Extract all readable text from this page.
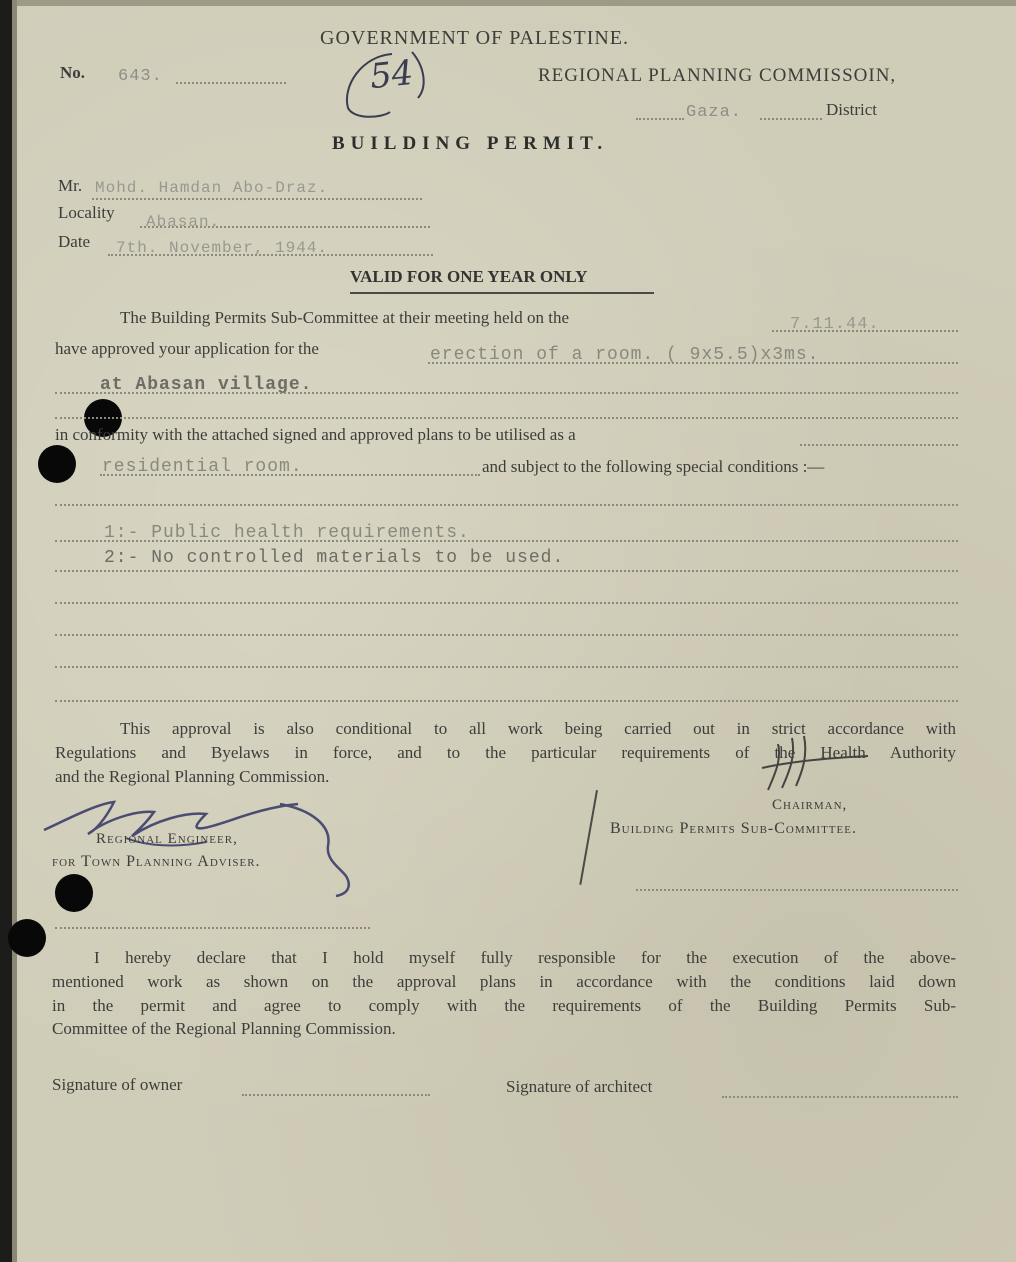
GOVERNMENT OF PALESTINE.
No. 643.	54	REGIONAL PLANNING COMMISSOIN,
Gaza.	District
BUILDING PERMIT.
Mr. Mohd. Hamdan Abo-Draz.
Locality Abasan.
Date 7th. November, 1944.
VALID FOR ONE YEAR ONLY
The Building Permits Sub-Committee at their meeting held on the	7.11.44.
have approved your application for the	erection of a room. ( 9x5.5)x3ms.
at Abasan village.
in conformity with the attached signed and approved plans to be utilised as a
residential room.	and subject to the following special conditions :—
1:- Public health requirements.
2:- No controlled materials to be used.
This approval is also conditional to all work being carried out in strict accordance with
Regulations and Byelaws in force, and to the particular requirements of the Health Authority
and the Regional Planning Commission.
Regional Engineer,
for Town Planning Adviser.
Chairman,
Building Permits Sub-Committee.
I hereby declare that I hold myself fully responsible for the execution of the above-
mentioned work as shown on the approval plans in accordance with the conditions laid down
in the permit and agree to comply with the requirements of the Building Permits Sub-
Committee of the Regional Planning Commission.
Signature of owner	Signature of architect
